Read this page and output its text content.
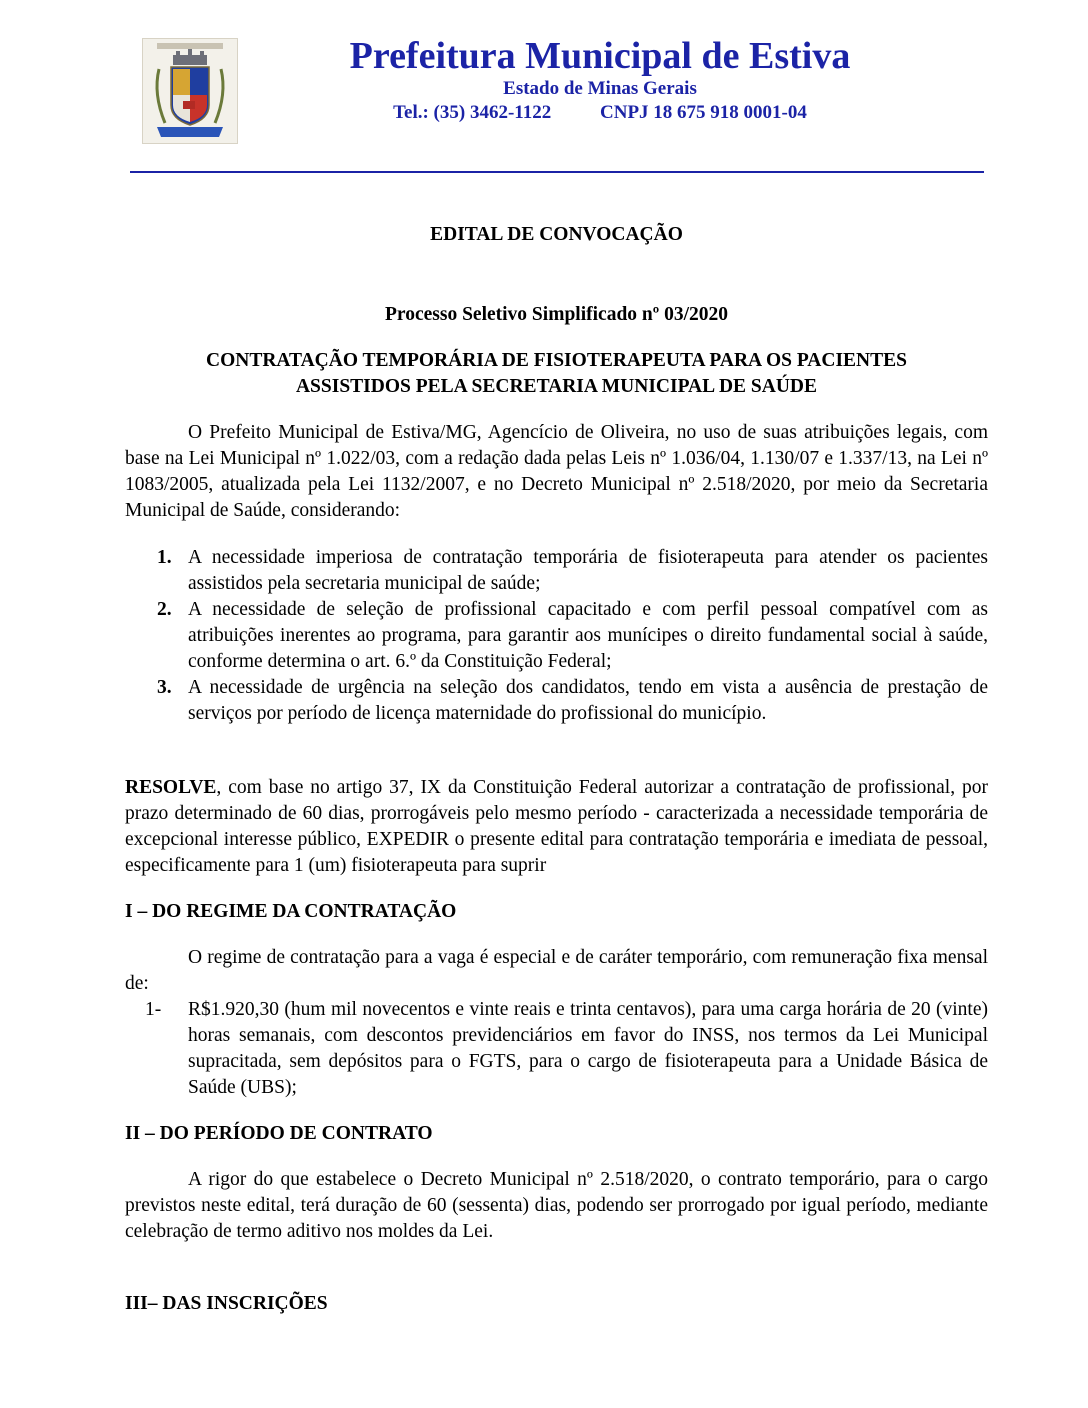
Prefeitura Municipal de Estiva

Estado de Minas Gerais

Tel.: (35) 3462-1122	CNPJ 18 675 918 0001-04

EDITAL DE CONVOCAÇÃO

Processo Seletivo Simplificado nº 03/2020

CONTRATAÇÃO TEMPORÁRIA DE FISIOTERAPEUTA PARA OS PACIENTES

ASSISTIDOS PELA SECRETARIA MUNICIPAL DE SAÚDE

O Prefeito Municipal de Estiva/MG, Agencício de Oliveira, no uso de suas atribuições legais, com base na Lei Municipal nº 1.022/03, com a redação dada pelas Leis nº 1.036/04, 1.130/07 e 1.337/13, na Lei nº 1083/2005, atualizada pela Lei 1132/2007, e no Decreto Municipal nº 2.518/2020, por meio da Secretaria Municipal de Saúde, considerando:

1. A necessidade imperiosa de contratação temporária de fisioterapeuta para atender os pacientes assistidos pela secretaria municipal de saúde;
2. A necessidade de seleção de profissional capacitado e com perfil pessoal compatível com as atribuições inerentes ao programa, para garantir aos munícipes o direito fundamental social à saúde, conforme determina o art. 6.º da Constituição Federal;
3. A necessidade de urgência na seleção dos candidatos, tendo em vista a ausência de prestação de serviços por período de licença maternidade do profissional do município.

RESOLVE, com base no artigo 37, IX da Constituição Federal autorizar a contratação de profissional, por prazo determinado de 60 dias, prorrogáveis pelo mesmo período - caracterizada a necessidade temporária de excepcional interesse público, EXPEDIR o presente edital para contratação temporária e imediata de pessoal, especificamente para 1 (um) fisioterapeuta para suprir

I – DO REGIME DA CONTRATAÇÃO

O regime de contratação para a vaga é especial e de caráter temporário, com remuneração fixa mensal de:

1- R$1.920,30 (hum mil novecentos e vinte reais e trinta centavos), para uma carga horária de 20 (vinte) horas semanais, com descontos previdenciários em favor do INSS, nos termos da Lei Municipal supracitada, sem depósitos para o FGTS, para o cargo de fisioterapeuta para a Unidade Básica de Saúde (UBS);

II – DO PERÍODO DE CONTRATO

A rigor do que estabelece o Decreto Municipal nº 2.518/2020, o contrato temporário, para o cargo previstos neste edital, terá duração de 60 (sessenta) dias, podendo ser prorrogado por igual período, mediante celebração de termo aditivo nos moldes da Lei.

III– DAS INSCRIÇÕES
